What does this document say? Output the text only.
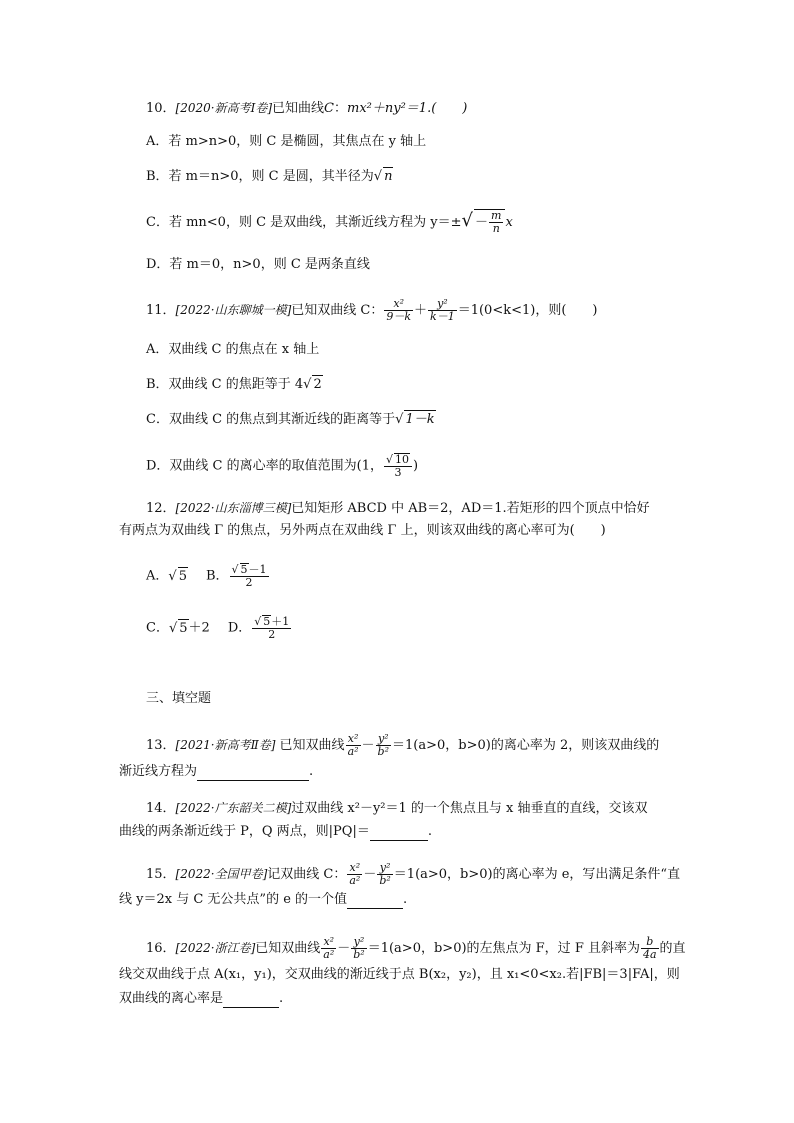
10．[2020·新高考Ⅰ卷]已知曲线C：mx²＋ny²＝1.(　　)
A．若 m>n>0，则 C 是椭圆，其焦点在 y 轴上
B．若 m＝n>0，则 C 是圆，其半径为√ n
C．若 mn<0，则 C 是双曲线，其渐近线方程为 $y=\pm√ - \frac{m}{n}$ x
D．若 m＝0，n>0，则 C 是两条直线
11．[2022·山东聊城一模]已知双曲线 C： $\frac{\text{x²}}{9-k} + \frac{\text{y²}}{k-1} =1(0<k<1)$，则(　　)
A．双曲线 C 的焦点在 x 轴上
B．双曲线 C 的焦距等于 4√ 2
C．双曲线 C 的焦点到其渐近线的距离等于√ 1－k
D．双曲线 C 的离心率的取值范围为(1， $\frac{√ 10}{3}$ )
12．[2022·山东淄博三模]已知矩形 ABCD 中 AB＝2，AD＝1.若矩形的四个顶点中恰好
有两点为双曲线 Γ 的焦点，另外两点在双曲线 Γ 上，则该双曲线的离心率可为(　　)
A．√ 5 B． $\frac{√ 5-1}{2}$
C．√ 5＋2 D． $\frac{√ 5+1}{2}$
三、填空题
13．[2021·新高考Ⅱ卷] 已知双曲线 $\frac{\text{x²}}{\text{a²}} - \frac{\text{y²}}{\text{b²}} =1(a>0$，b>0)的离心率为 2，则该双曲线的
渐近线方程为	.
14．[2022·广东韶关二模]过双曲线 x²－y²＝1 的一个焦点且与 x 轴垂直的直线，交该双
曲线的两条渐近线于 P，Q 两点，则|PQ|＝	.
15．[2022·全国甲卷]记双曲线 C： $\frac{\text{x²}}{\text{a²}} - \frac{\text{y²}}{\text{b²}} =1(a>0$，b>0)的离心率为 e，写出满足条件“直
线 y＝2x 与 C 无公共点”的 e 的一个值	.
16．[2022·浙江卷]已知双曲线 $\frac{\text{x²}}{\text{a²}} - \frac{\text{y²}}{\text{b²}} =1(a>0$，b>0)的左焦点为 F，过 F 且斜率为 $\frac{b}{4a}$ 的直
线交双曲线于点 A(x₁，y₁)，交双曲线的渐近线于点 B(x₂，y₂)，且 x₁<0<x₂.若|FB|＝3|FA|，则
双曲线的离心率是	.
